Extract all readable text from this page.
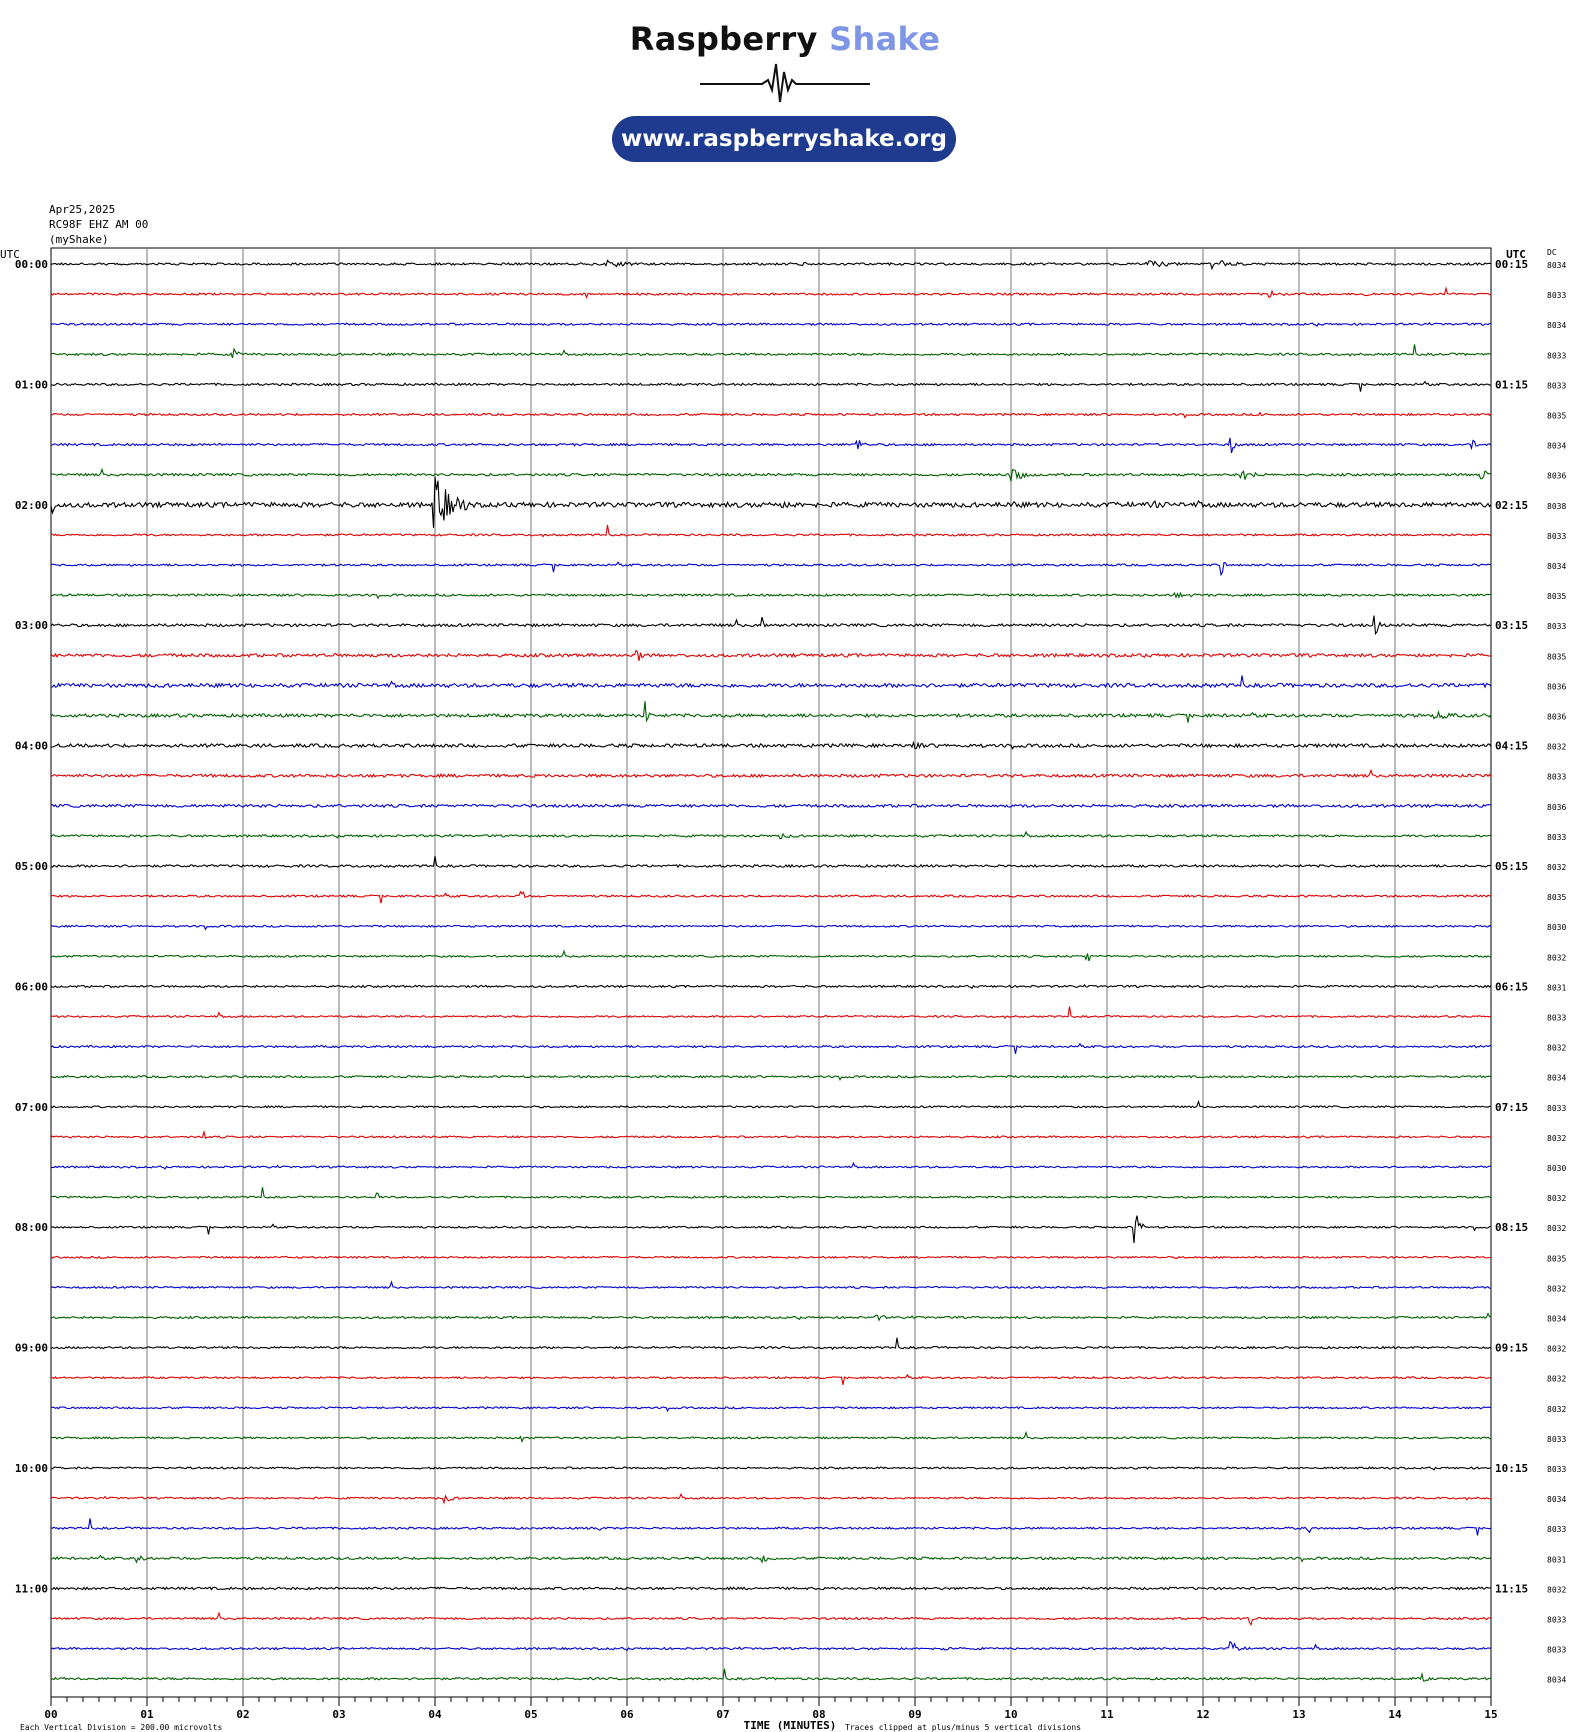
Raspberry Shake
www.raspberryshake.org
Apr25,2025
RC98F EHZ AM 00
(myShake)
00	01	02	03	04	05	06	07	08	09	10	11	12	13	14	15
UTC	UTC	DC
00:00
01:00
02:00
03:00
04:00
05:00
06:00
07:00
08:00
09:00
10:00
11:00
00:15
01:15
02:15
03:15
04:15
05:15
06:15
07:15
08:15
09:15
10:15
11:15
8034
8033
8034
8033
8033
8035
8034
8036
8038
8033
8034
8035
8033
8035
8036
8036
8032
8033
8036
8033
8032
8035
8030
8032
8031
8033
8032
8034
8033
8032
8030
8032
8032
8035
8032
8034
8032
8032
8032
8033
8033
8034
8033
8031
8032
8033
8033
8034
Each Vertical Division = 200.00 microvolts	TIME (MINUTES) Traces clipped at plus/minus 5 vertical divisions
